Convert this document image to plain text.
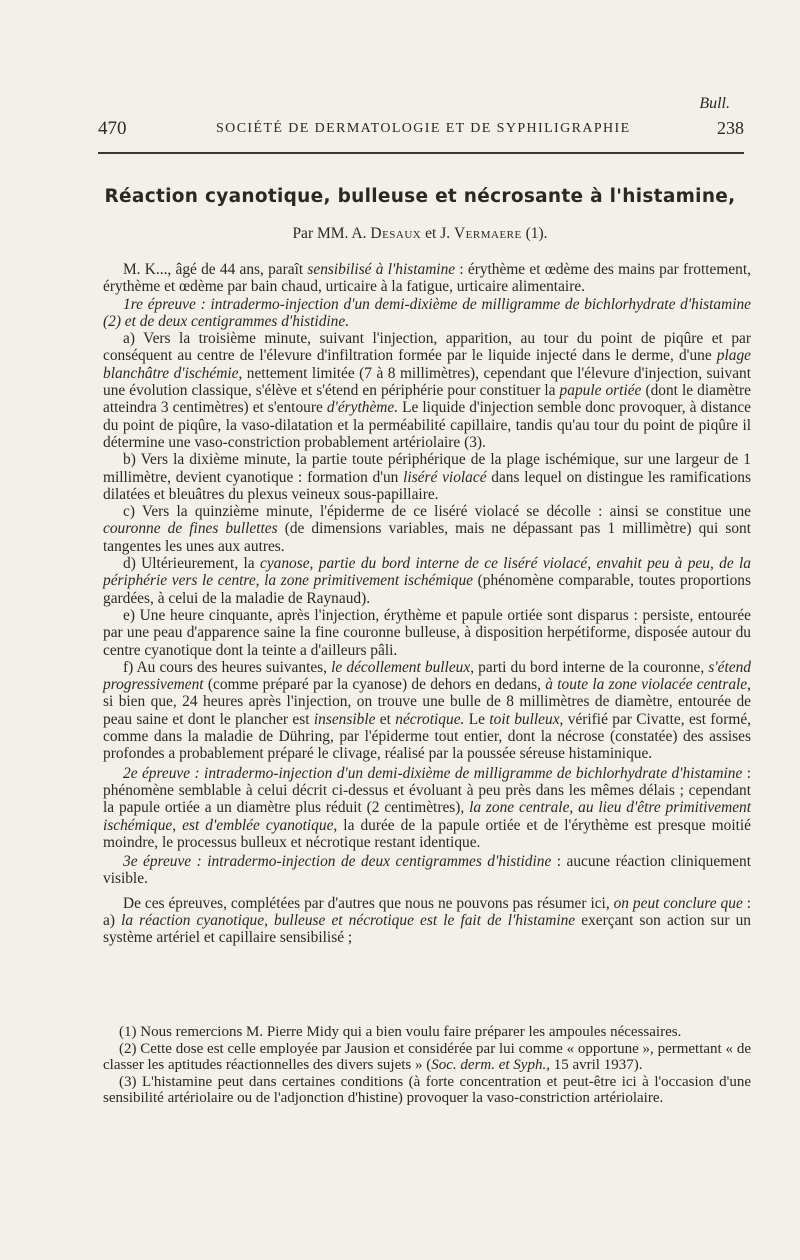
Bull.
470	SOCIÉTÉ DE DERMATOLOGIE ET DE SYPHILIGRAPHIE	238
Réaction cyanotique, bulleuse et nécrosante à l'histamine,
Par MM. A. Desaux et J. Vermaere (1).

M. K..., âgé de 44 ans, paraît sensibilisé à l'histamine : érythème et œdème des mains par frottement, érythème et œdème par bain chaud, urticaire à la fatigue, urticaire alimentaire.

1re épreuve : intradermo-injection d'un demi-dixième de milligramme de bichlorhydrate d'histamine (2) et de deux centigrammes d'histidine.

a) Vers la troisième minute, suivant l'injection, apparition, au tour du point de piqûre et par conséquent au centre de l'élevure d'infiltration formée par le liquide injecté dans le derme, d'une plage blanchâtre d'ischémie, nettement limitée (7 à 8 millimètres), cependant que l'élevure d'injection, suivant une évolution classique, s'élève et s'étend en périphérie pour constituer la papule ortiée (dont le diamètre atteindra 3 centimètres) et s'entoure d'érythème. Le liquide d'injection semble donc provoquer, à distance du point de piqûre, la vaso-dilatation et la perméabilité capillaire, tandis qu'au tour du point de piqûre il détermine une vaso-constriction probablement artériolaire (3).

b) Vers la dixième minute, la partie toute périphérique de la plage ischémique, sur une largeur de 1 millimètre, devient cyanotique : formation d'un liséré violacé dans lequel on distingue les ramifications dilatées et bleuâtres du plexus veineux sous-papillaire.

c) Vers la quinzième minute, l'épiderme de ce liséré violacé se décolle : ainsi se constitue une couronne de fines bullettes (de dimensions variables, mais ne dépassant pas 1 millimètre) qui sont tangentes les unes aux autres.

d) Ultérieurement, la cyanose, partie du bord interne de ce liséré violacé, envahit peu à peu, de la périphérie vers le centre, la zone primitivement ischémique (phénomène comparable, toutes proportions gardées, à celui de la maladie de Raynaud).

e) Une heure cinquante, après l'injection, érythème et papule ortiée sont disparus : persiste, entourée par une peau d'apparence saine la fine couronne bulleuse, à disposition herpétiforme, disposée autour du centre cyanotique dont la teinte a d'ailleurs pâli.

f) Au cours des heures suivantes, le décollement bulleux, parti du bord interne de la couronne, s'étend progressivement (comme préparé par la cyanose) de dehors en dedans, à toute la zone violacée centrale, si bien que, 24 heures après l'injection, on trouve une bulle de 8 millimètres de diamètre, entourée de peau saine et dont le plancher est insensible et nécrotique. Le toit bulleux, vérifié par Civatte, est formé, comme dans la maladie de Dühring, par l'épiderme tout entier, dont la nécrose (constatée) des assises profondes a probablement préparé le clivage, réalisé par la poussée séreuse histaminique.

2e épreuve : intradermo-injection d'un demi-dixième de milligramme de bichlorhydrate d'histamine : phénomène semblable à celui décrit ci-dessus et évoluant à peu près dans les mêmes délais ; cependant la papule ortiée a un diamètre plus réduit (2 centimètres), la zone centrale, au lieu d'être primitivement ischémique, est d'emblée cyanotique, la durée de la papule ortiée et de l'érythème est presque moitié moindre, le processus bulleux et nécrotique restant identique.

3e épreuve : intradermo-injection de deux centigrammes d'histidine : aucune réaction cliniquement visible.

De ces épreuves, complétées par d'autres que nous ne pouvons pas résumer ici, on peut conclure que : a) la réaction cyanotique, bulleuse et nécrotique est le fait de l'histamine exerçant son action sur un système artériel et capillaire sensibilisé ;

(1) Nous remercions M. Pierre Midy qui a bien voulu faire préparer les ampoules nécessaires.

(2) Cette dose est celle employée par Jausion et considérée par lui comme « opportune », permettant « de classer les aptitudes réactionnelles des divers sujets » (Soc. derm. et Syph., 15 avril 1937).

(3) L'histamine peut dans certaines conditions (à forte concentration et peut-être ici à l'occasion d'une sensibilité artériolaire ou de l'adjonction d'histine) provoquer la vaso-constriction artériolaire.
